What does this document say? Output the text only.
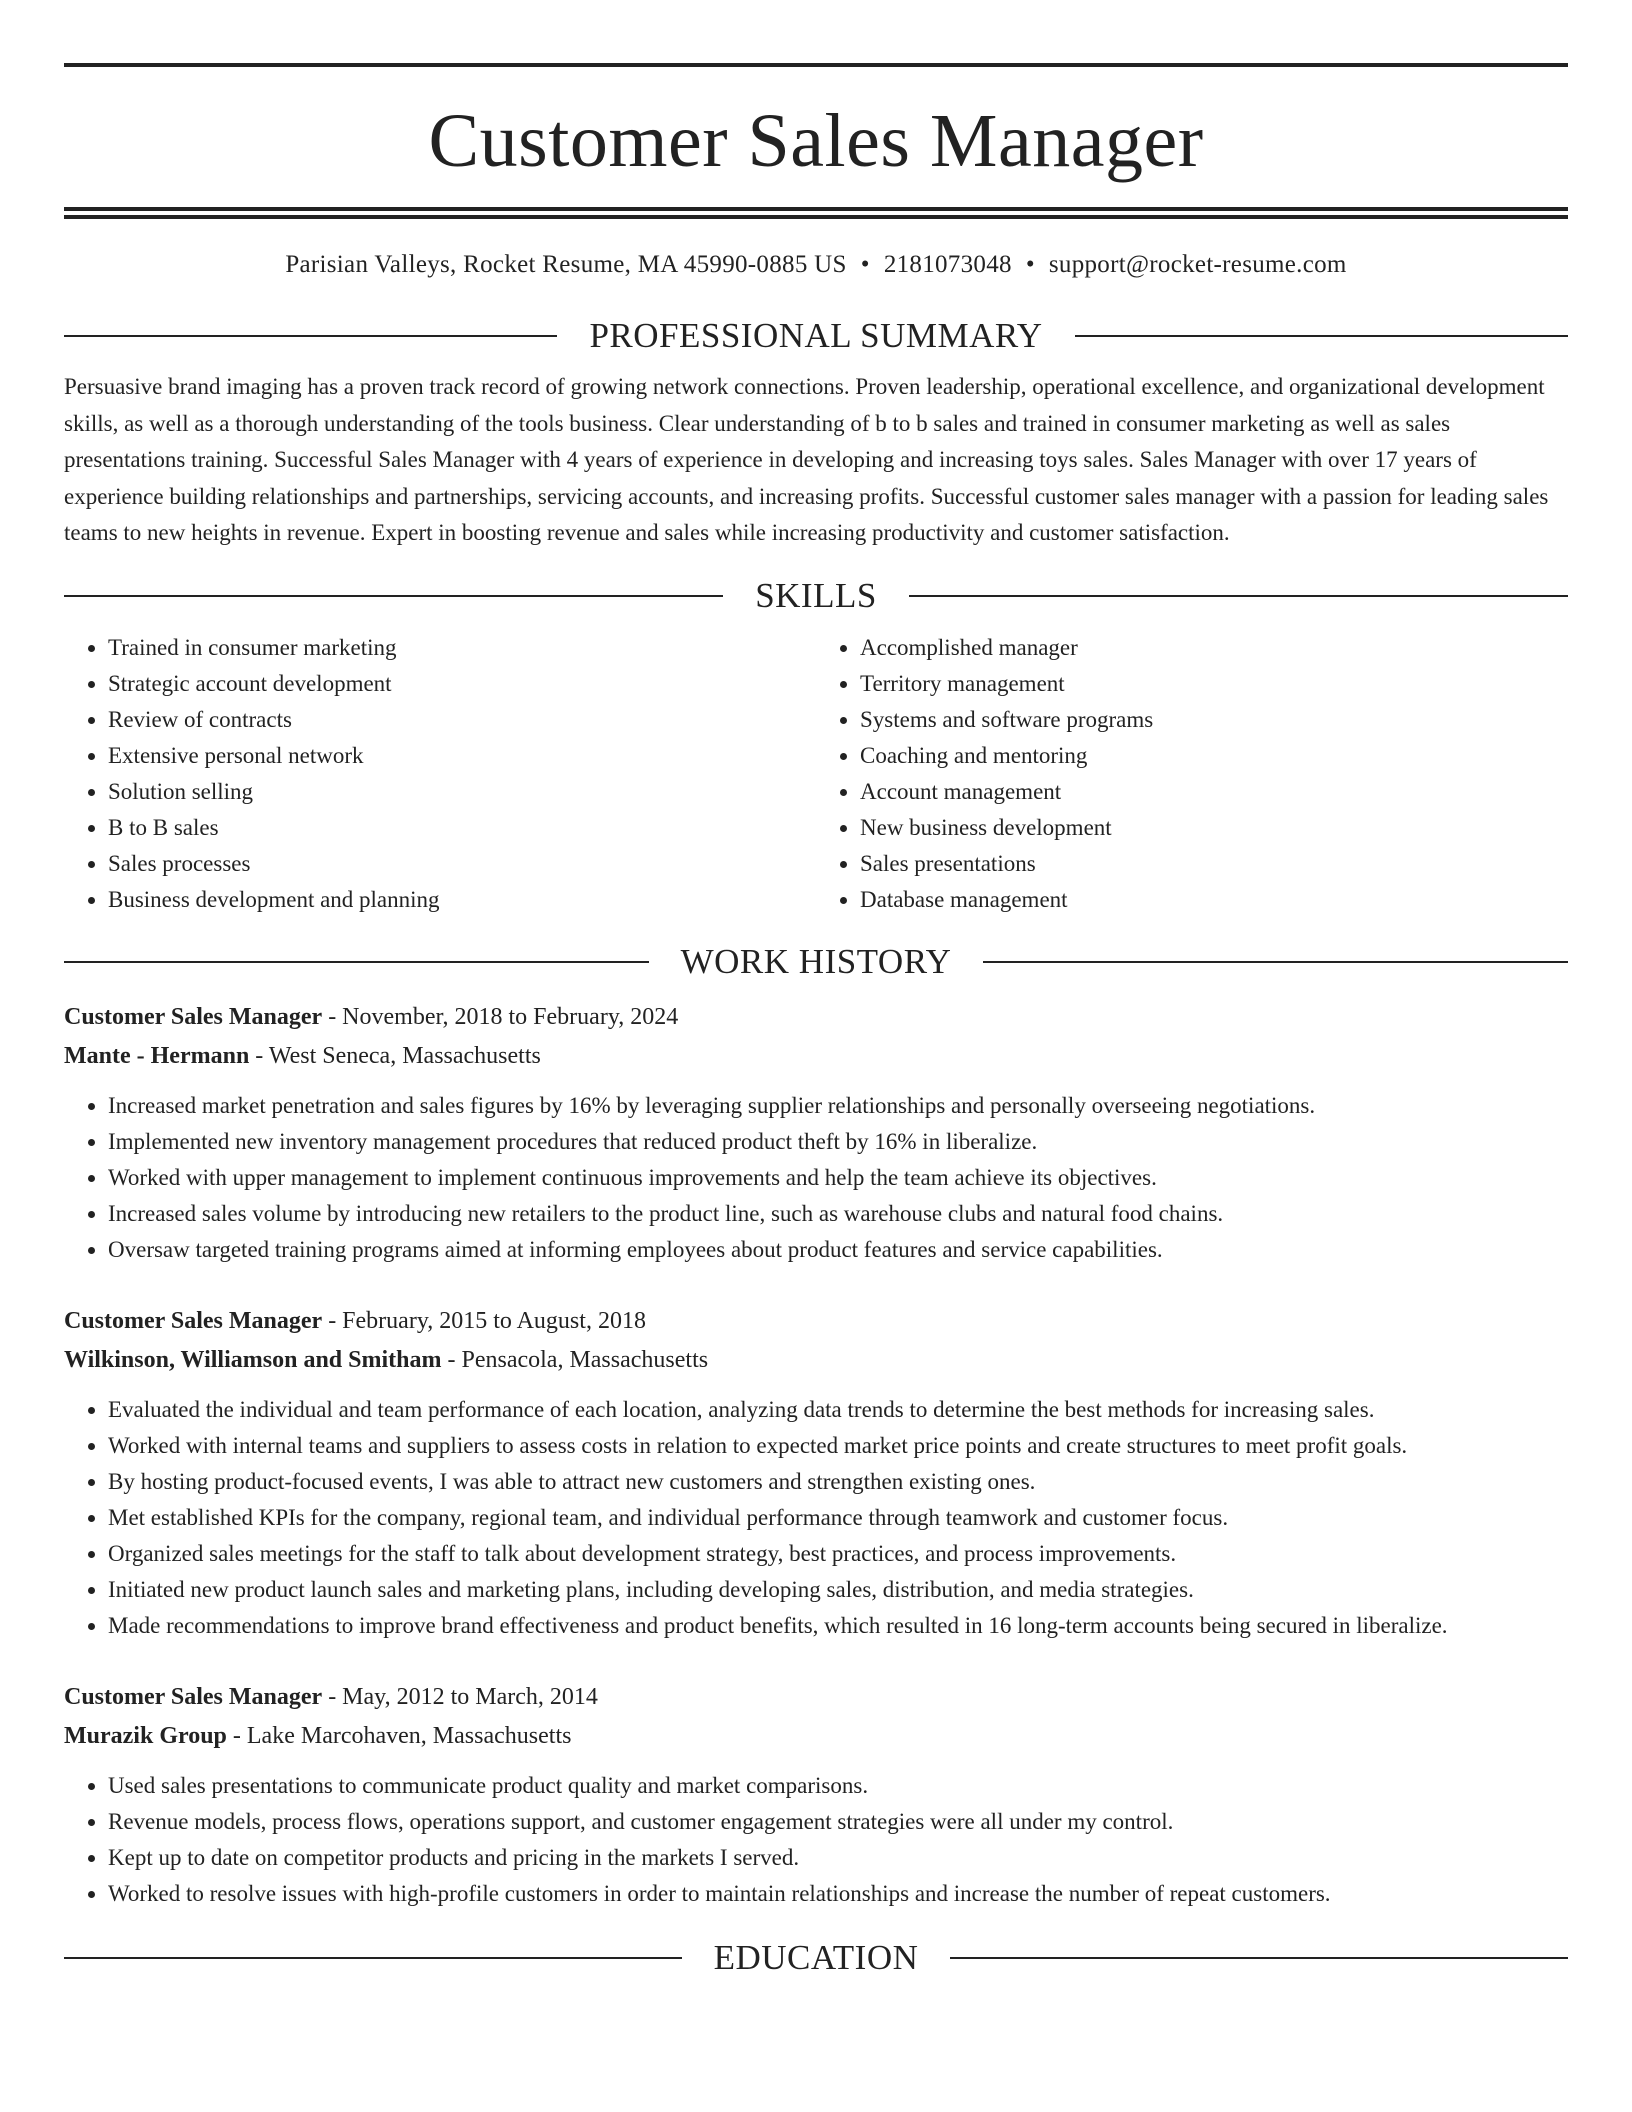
Customer Sales Manager
Parisian Valleys, Rocket Resume, MA 45990-0885 US • 2181073048 • support@rocket-resume.com
PROFESSIONAL SUMMARY
Persuasive brand imaging has a proven track record of growing network connections. Proven leadership, operational excellence, and organizational development skills, as well as a thorough understanding of the tools business. Clear understanding of b to b sales and trained in consumer marketing as well as sales presentations training. Successful Sales Manager with 4 years of experience in developing and increasing toys sales. Sales Manager with over 17 years of experience building relationships and partnerships, servicing accounts, and increasing profits. Successful customer sales manager with a passion for leading sales teams to new heights in revenue. Expert in boosting revenue and sales while increasing productivity and customer satisfaction.
SKILLS
• Trained in consumer marketing
• Strategic account development
• Review of contracts
• Extensive personal network
• Solution selling
• B to B sales
• Sales processes
• Business development and planning
• Accomplished manager
• Territory management
• Systems and software programs
• Coaching and mentoring
• Account management
• New business development
• Sales presentations
• Database management
WORK HISTORY
Customer Sales Manager - November, 2018 to February, 2024
Mante - Hermann - West Seneca, Massachusetts
• Increased market penetration and sales figures by 16% by leveraging supplier relationships and personally overseeing negotiations.
• Implemented new inventory management procedures that reduced product theft by 16% in liberalize.
• Worked with upper management to implement continuous improvements and help the team achieve its objectives.
• Increased sales volume by introducing new retailers to the product line, such as warehouse clubs and natural food chains.
• Oversaw targeted training programs aimed at informing employees about product features and service capabilities.
Customer Sales Manager - February, 2015 to August, 2018
Wilkinson, Williamson and Smitham - Pensacola, Massachusetts
• Evaluated the individual and team performance of each location, analyzing data trends to determine the best methods for increasing sales.
• Worked with internal teams and suppliers to assess costs in relation to expected market price points and create structures to meet profit goals.
• By hosting product-focused events, I was able to attract new customers and strengthen existing ones.
• Met established KPIs for the company, regional team, and individual performance through teamwork and customer focus.
• Organized sales meetings for the staff to talk about development strategy, best practices, and process improvements.
• Initiated new product launch sales and marketing plans, including developing sales, distribution, and media strategies.
• Made recommendations to improve brand effectiveness and product benefits, which resulted in 16 long-term accounts being secured in liberalize.
Customer Sales Manager - May, 2012 to March, 2014
Murazik Group - Lake Marcohaven, Massachusetts
• Used sales presentations to communicate product quality and market comparisons.
• Revenue models, process flows, operations support, and customer engagement strategies were all under my control.
• Kept up to date on competitor products and pricing in the markets I served.
• Worked to resolve issues with high-profile customers in order to maintain relationships and increase the number of repeat customers.
EDUCATION
